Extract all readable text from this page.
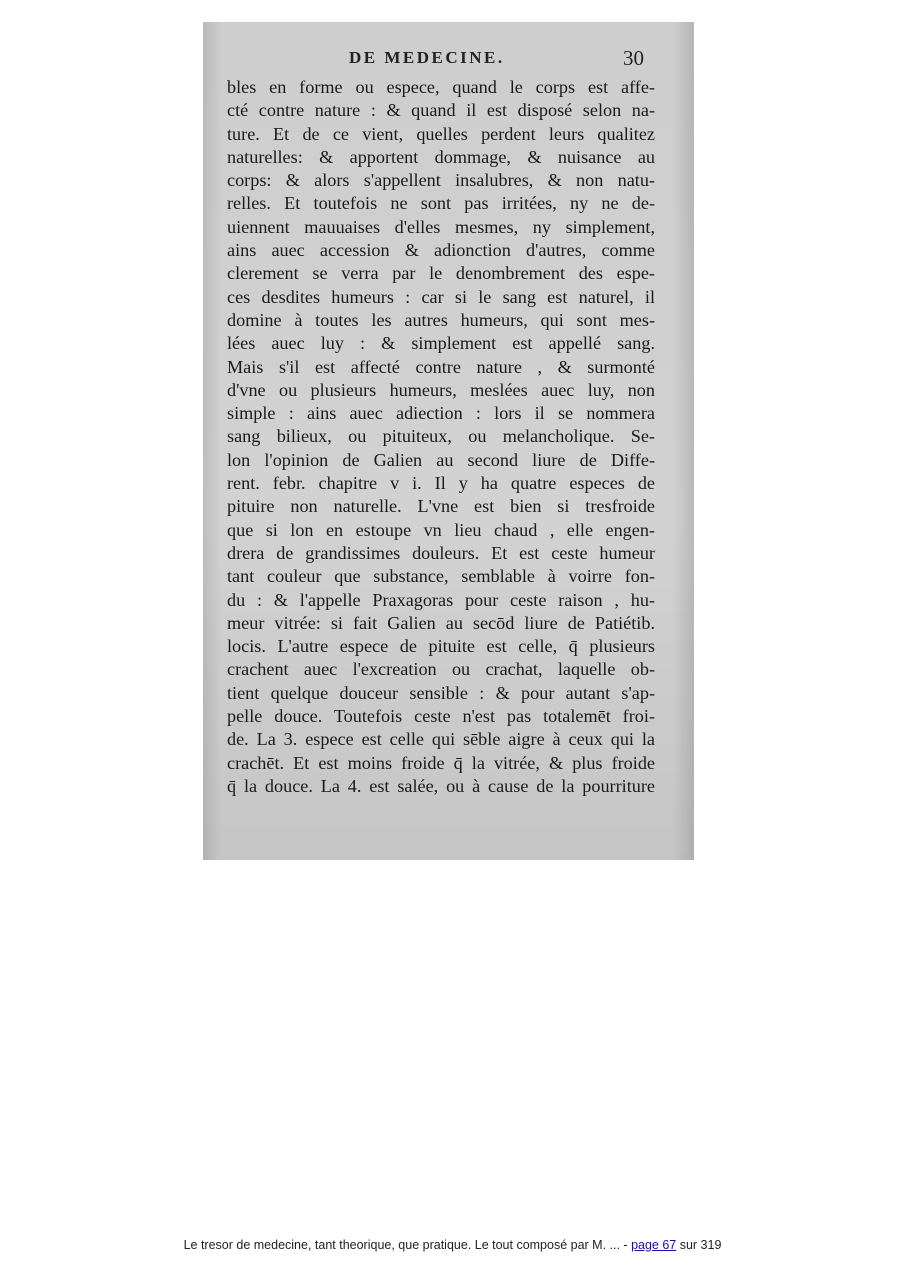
DE MEDECINE.	30
bles en forme ou espece, quand le corps est affe-
cté contre nature : & quand il est disposé selon na-
ture. Et de ce vient, quelles perdent leurs qualitez
naturelles: & apportent dommage, & nuisance au
corps: & alors s'appellent insalubres, & non natu-
relles. Et toutefois ne sont pas irritées, ny ne de-
uiennent mauuaises d'elles mesmes, ny simplement,
ains auec accession & adionction d'autres, comme
clerement se verra par le denombrement des espe-
ces desdites humeurs : car si le sang est naturel, il
domine à toutes les autres humeurs, qui sont mes-
lées auec luy : & simplement est appellé sang.
Mais s'il est affecté contre nature , & surmonté
d'vne ou plusieurs humeurs, meslées auec luy, non
simple : ains auec adiection : lors il se nommera
sang bilieux, ou pituiteux, ou melancholique. Se-
lon l'opinion de Galien au second liure de Diffe-
rent. febr. chapitre v i. Il y ha quatre especes de
pituire non naturelle. L'vne est bien si tresfroide
que si lon en estoupe vn lieu chaud , elle engen-
drera de grandissimes douleurs. Et est ceste humeur
tant couleur que substance, semblable à voirre fon-
du : & l'appelle Praxagoras pour ceste raison , hu-
meur vitrée: si fait Galien au secōd liure de Patiétib.
locis. L'autre espece de pituite est celle, q̄ plusieurs
crachent auec l'excreation ou crachat, laquelle ob-
tient quelque douceur sensible : & pour autant s'ap-
pelle douce. Toutefois ceste n'est pas totalemēt froi-
de. La 3. espece est celle qui sēble aigre à ceux qui la
crachēt. Et est moins froide q̄ la vitrée, & plus froide
q̄ la douce. La 4. est salée, ou à cause de la pourriture
Le tresor de medecine, tant theorique, que pratique. Le tout composé par M. ... - page 67 sur 319
